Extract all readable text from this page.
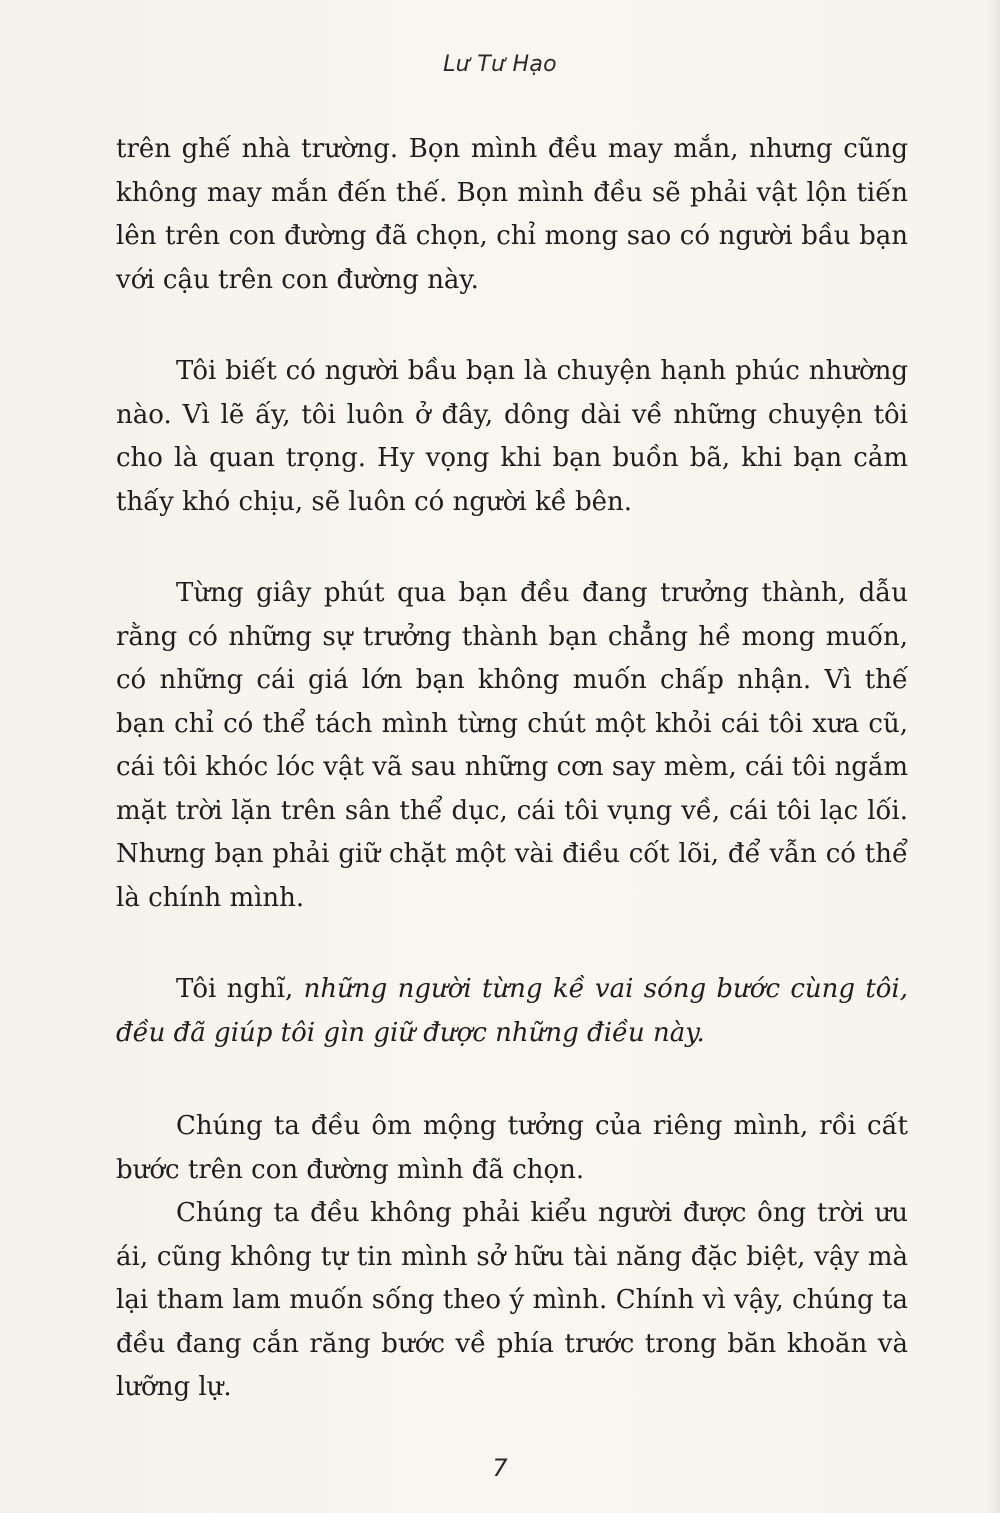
Lư Tư Hạo

trên ghế nhà trường. Bọn mình đều may mắn, nhưng cũng không may mắn đến thế. Bọn mình đều sẽ phải vật lộn tiến lên trên con đường đã chọn, chỉ mong sao có người bầu bạn với cậu trên con đường này.

Tôi biết có người bầu bạn là chuyện hạnh phúc nhường nào. Vì lẽ ấy, tôi luôn ở đây, dông dài về những chuyện tôi cho là quan trọng. Hy vọng khi bạn buồn bã, khi bạn cảm thấy khó chịu, sẽ luôn có người kề bên.

Từng giây phút qua bạn đều đang trưởng thành, dẫu rằng có những sự trưởng thành bạn chẳng hề mong muốn, có những cái giá lớn bạn không muốn chấp nhận. Vì thế bạn chỉ có thể tách mình từng chút một khỏi cái tôi xưa cũ, cái tôi khóc lóc vật vã sau những cơn say mèm, cái tôi ngắm mặt trời lặn trên sân thể dục, cái tôi vụng về, cái tôi lạc lối. Nhưng bạn phải giữ chặt một vài điều cốt lõi, để vẫn có thể là chính mình.

Tôi nghĩ, những người từng kề vai sóng bước cùng tôi, đều đã giúp tôi gìn giữ được những điều này.

Chúng ta đều ôm mộng tưởng của riêng mình, rồi cất bước trên con đường mình đã chọn.

Chúng ta đều không phải kiểu người được ông trời ưu ái, cũng không tự tin mình sở hữu tài năng đặc biệt, vậy mà lại tham lam muốn sống theo ý mình. Chính vì vậy, chúng ta đều đang cắn răng bước về phía trước trong băn khoăn và lưỡng lự.

7
